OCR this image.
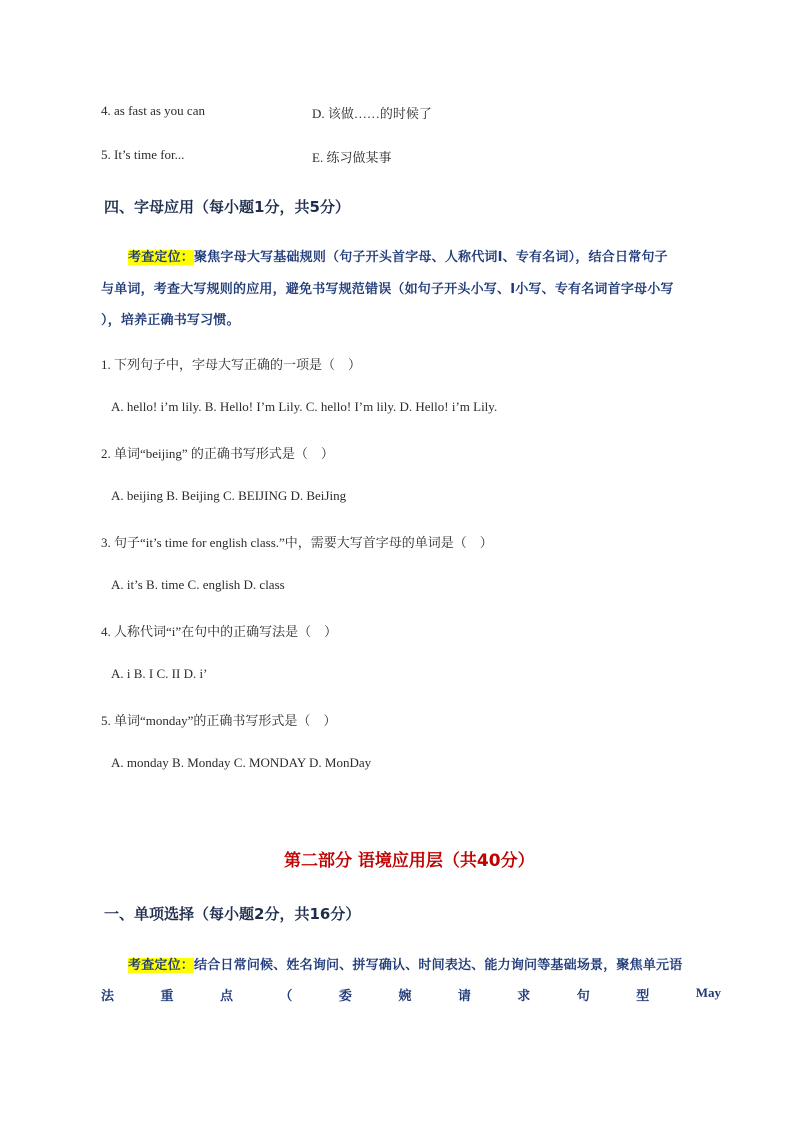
4. as fast as you can	D. 该做……的时候了
5. It’s time for...	E. 练习做某事
四、字母应用（每小题1分，共5分）
考查定位：聚焦字母大写基础规则（句子开头首字母、人称代词I、专有名词），结合日常句子
与单词，考查大写规则的应用，避免书写规范错误（如句子开头小写、I小写、专有名词首字母小写
），培养正确书写习惯。
1. 下列句子中，字母大写正确的一项是（　）
A. hello! i’m lily. B. Hello! I’m Lily. C. hello! I’m lily. D. Hello! i’m Lily.
2. 单词“beijing” 的正确书写形式是（　）
A. beijing B. Beijing C. BEIJING D. BeiJing
3. 句子“it’s time for english class.”中，需要大写首字母的单词是（　）
A. it’s B. time C. english D. class
4. 人称代词“i”在句中的正确写法是（　）
A. i B. I C. II D. i’
5. 单词“monday”的正确书写形式是（　）
A. monday B. Monday C. MONDAY D. MonDay
第二部分 语境应用层（共40分）
一、单项选择（每小题2分，共16分）
考查定位：结合日常问候、姓名询问、拼写确认、时间表达、能力询问等基础场景，聚焦单元语
法	重	点	（	委	婉	请	求	句	型	May
